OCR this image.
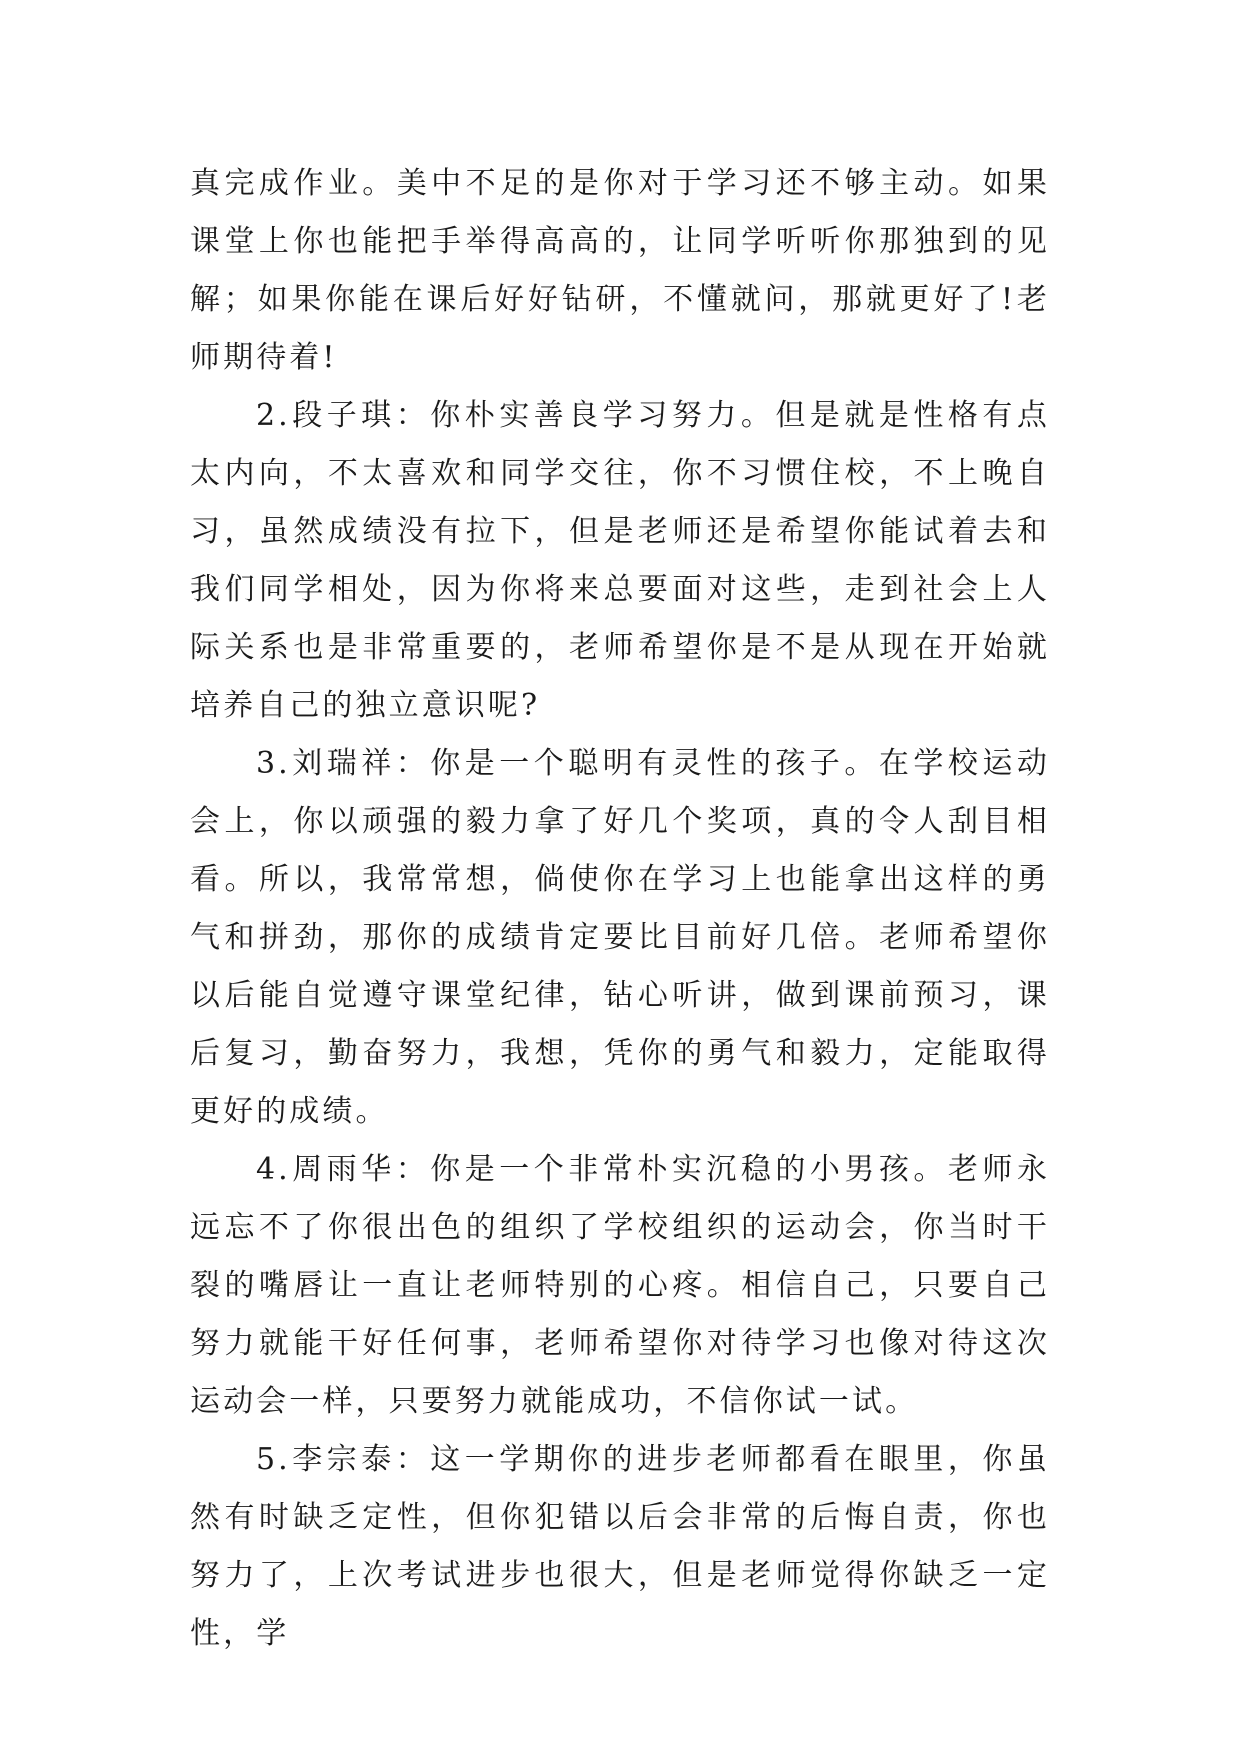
真完成作业。美中不足的是你对于学习还不够主动。如果课堂上你也能把手举得高高的，让同学听听你那独到的见解；如果你能在课后好好钻研，不懂就问，那就更好了!老师期待着!

2.段子琪：你朴实善良学习努力。但是就是性格有点太内向，不太喜欢和同学交往，你不习惯住校，不上晚自习，虽然成绩没有拉下，但是老师还是希望你能试着去和我们同学相处，因为你将来总要面对这些，走到社会上人际关系也是非常重要的，老师希望你是不是从现在开始就培养自己的独立意识呢?

3.刘瑞祥：你是一个聪明有灵性的孩子。在学校运动会上，你以顽强的毅力拿了好几个奖项，真的令人刮目相看。所以，我常常想，倘使你在学习上也能拿出这样的勇气和拼劲，那你的成绩肯定要比目前好几倍。老师希望你以后能自觉遵守课堂纪律，钻心听讲，做到课前预习，课后复习，勤奋努力，我想，凭你的勇气和毅力，定能取得更好的成绩。

4.周雨华：你是一个非常朴实沉稳的小男孩。老师永远忘不了你很出色的组织了学校组织的运动会，你当时干裂的嘴唇让一直让老师特别的心疼。相信自己，只要自己努力就能干好任何事，老师希望你对待学习也像对待这次运动会一样，只要努力就能成功，不信你试一试。

5.李宗泰：这一学期你的进步老师都看在眼里，你虽然有时缺乏定性，但你犯错以后会非常的后悔自责，你也努力了，上次考试进步也很大，但是老师觉得你缺乏一定性，学
